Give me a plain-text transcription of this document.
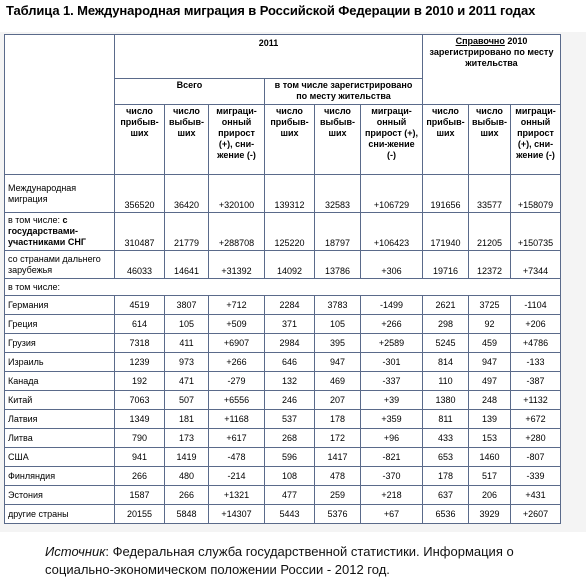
Таблица 1. Международная миграция в Российской Федерации в 2010 и 2011 годах
	2011						Справочно 2010
зарегистрировано по месту жительства		
	Всего			в том числе зарегистрировано по месту жительства					
	число прибыв-ших	число выбыв-ших	миграци-онный прирост (+), сни-жение (-)	число прибыв-ших	число выбыв-ших	миграци-онный прирост (+), сни-жение (-)	число прибыв-ших	число выбыв-ших	миграци-онный прирост (+), сни-жение (-)
Международная миграция	356520	36420	+320100	139312	32583	+106729	191656	33577	+158079
в том числе: с государствами-участниками СНГ	310487	21779	+288708	125220	18797	+106423	171940	21205	+150735
со странами дальнего зарубежья	46033	14641	+31392	14092	13786	+306	19716	12372	+7344
в том числе:									
Германия	4519	3807	+712	2284	3783	-1499	2621	3725	-1104
Греция	614	105	+509	371	105	+266	298	92	+206
Грузия	7318	411	+6907	2984	395	+2589	5245	459	+4786
Израиль	1239	973	+266	646	947	-301	814	947	-133
Канада	192	471	-279	132	469	-337	110	497	-387
Китай	7063	507	+6556	246	207	+39	1380	248	+1132
Латвия	1349	181	+1168	537	178	+359	811	139	+672
Литва	790	173	+617	268	172	+96	433	153	+280
США	941	1419	-478	596	1417	-821	653	1460	-807
Финляндия	266	480	-214	108	478	-370	178	517	-339
Эстония	1587	266	+1321	477	259	+218	637	206	+431
другие страны	20155	5848	+14307	5443	5376	+67	6536	3929	+2607
Источник: Федеральная служба государственной статистики. Информация о социально-экономическом положении России - 2012 год.
